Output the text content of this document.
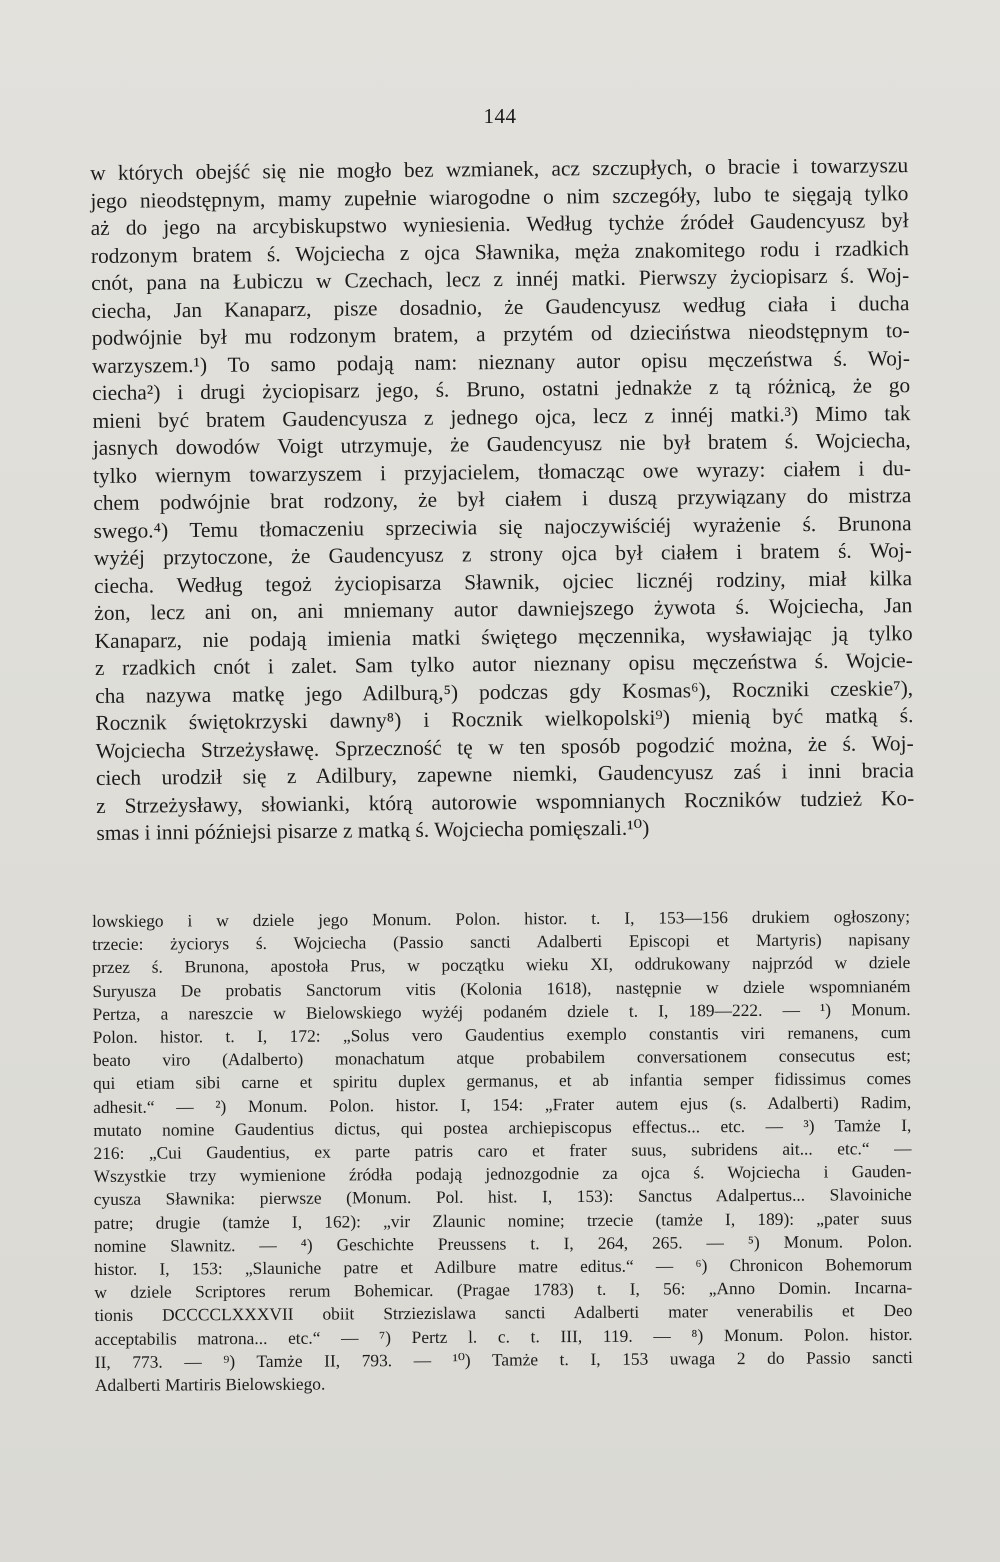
144

w których obejść się nie mogło bez wzmianek, acz szczupłych, o bracie i towarzyszu
jego nieodstępnym, mamy zupełnie wiarogodne o nim szczegóły, lubo te sięgają tylko
aż do jego na arcybiskupstwo wyniesienia. Według tychże źródeł Gaudencyusz był
rodzonym bratem ś. Wojciecha z ojca Sławnika, męża znakomitego rodu i rzadkich
cnót, pana na Łubiczu w Czechach, lecz z innéj matki. Pierwszy życiopisarz ś. Woj-
ciecha, Jan Kanaparz, pisze dosadnio, że Gaudencyusz według ciała i ducha
podwójnie był mu rodzonym bratem, a przytém od dzieciństwa nieodstępnym to-
warzyszem.¹) To samo podają nam: nieznany autor opisu męczeństwa ś. Woj-
ciecha²) i drugi życiopisarz jego, ś. Bruno, ostatni jednakże z tą różnicą, że go
mieni być bratem Gaudencyusza z jednego ojca, lecz z innéj matki.³) Mimo tak
jasnych dowodów Voigt utrzymuje, że Gaudencyusz nie był bratem ś. Wojciecha,
tylko wiernym towarzyszem i przyjacielem, tłomacząc owe wyrazy: ciałem i du-
chem podwójnie brat rodzony, że był ciałem i duszą przywiązany do mistrza
swego.⁴) Temu tłomaczeniu sprzeciwia się najoczywiściéj wyrażenie ś. Brunona
wyżéj przytoczone, że Gaudencyusz z strony ojca był ciałem i bratem ś. Woj-
ciecha. Według tegoż życiopisarza Sławnik, ojciec licznéj rodziny, miał kilka
żon, lecz ani on, ani mniemany autor dawniejszego żywota ś. Wojciecha, Jan
Kanaparz, nie podają imienia matki świętego męczennika, wysławiając ją tylko
z rzadkich cnót i zalet. Sam tylko autor nieznany opisu męczeństwa ś. Wojcie-
cha nazywa matkę jego Adilburą,⁵) podczas gdy Kosmas⁶), Roczniki czeskie⁷),
Rocznik świętokrzyski dawny⁸) i Rocznik wielkopolski⁹) mienią być matką ś.
Wojciecha Strzeżysławę. Sprzeczność tę w ten sposób pogodzić można, że ś. Woj-
ciech urodził się z Adilbury, zapewne niemki, Gaudencyusz zaś i inni bracia
z Strzeżysławy, słowianki, którą autorowie wspomnianych Roczników tudzież Ko-
smas i inni późniejsi pisarze z matką ś. Wojciecha pomięszali.¹⁰)

lowskiego i w dziele jego Monum. Polon. histor. t. I, 153—156 drukiem ogłoszony;
trzecie: życiorys ś. Wojciecha (Passio sancti Adalberti Episcopi et Martyris) napisany
przez ś. Brunona, apostoła Prus, w początku wieku XI, oddrukowany najprzód w dziele
Suryusza De probatis Sanctorum vitis (Kolonia 1618), następnie w dziele wspomnianém
Pertza, a nareszcie w Bielowskiego wyżéj podaném dziele t. I, 189—222. — ¹) Monum.
Polon. histor. t. I, 172: „Solus vero Gaudentius exemplo constantis viri remanens, cum
beato viro (Adalberto) monachatum atque probabilem conversationem consecutus est;
qui etiam sibi carne et spiritu duplex germanus, et ab infantia semper fidissimus comes
adhesit.“ — ²) Monum. Polon. histor. I, 154: „Frater autem ejus (s. Adalberti) Radim,
mutato nomine Gaudentius dictus, qui postea archiepiscopus effectus... etc. — ³) Tamże I,
216: „Cui Gaudentius, ex parte patris caro et frater suus, subridens ait... etc.“ —
Wszystkie trzy wymienione źródła podają jednozgodnie za ojca ś. Wojciecha i Gauden-
cyusza Sławnika: pierwsze (Monum. Pol. hist. I, 153): Sanctus Adalpertus... Slavoiniche
patre; drugie (tamże I, 162): „vir Zlaunic nomine; trzecie (tamże I, 189): „pater suus
nomine Slawnitz. — ⁴) Geschichte Preussens t. I, 264, 265. — ⁵) Monum. Polon.
histor. I, 153: „Slauniche patre et Adilbure matre editus.“ — ⁶) Chronicon Bohemorum
w dziele Scriptores rerum Bohemicar. (Pragae 1783) t. I, 56: „Anno Domin. Incarna-
tionis DCCCCLXXXVII obiit Strziezislawa sancti Adalberti mater venerabilis et Deo
acceptabilis matrona... etc.“ — ⁷) Pertz l. c. t. III, 119. — ⁸) Monum. Polon. histor.
II, 773. — ⁹) Tamże II, 793. — ¹⁰) Tamże t. I, 153 uwaga 2 do Passio sancti
Adalberti Martiris Bielowskiego.
